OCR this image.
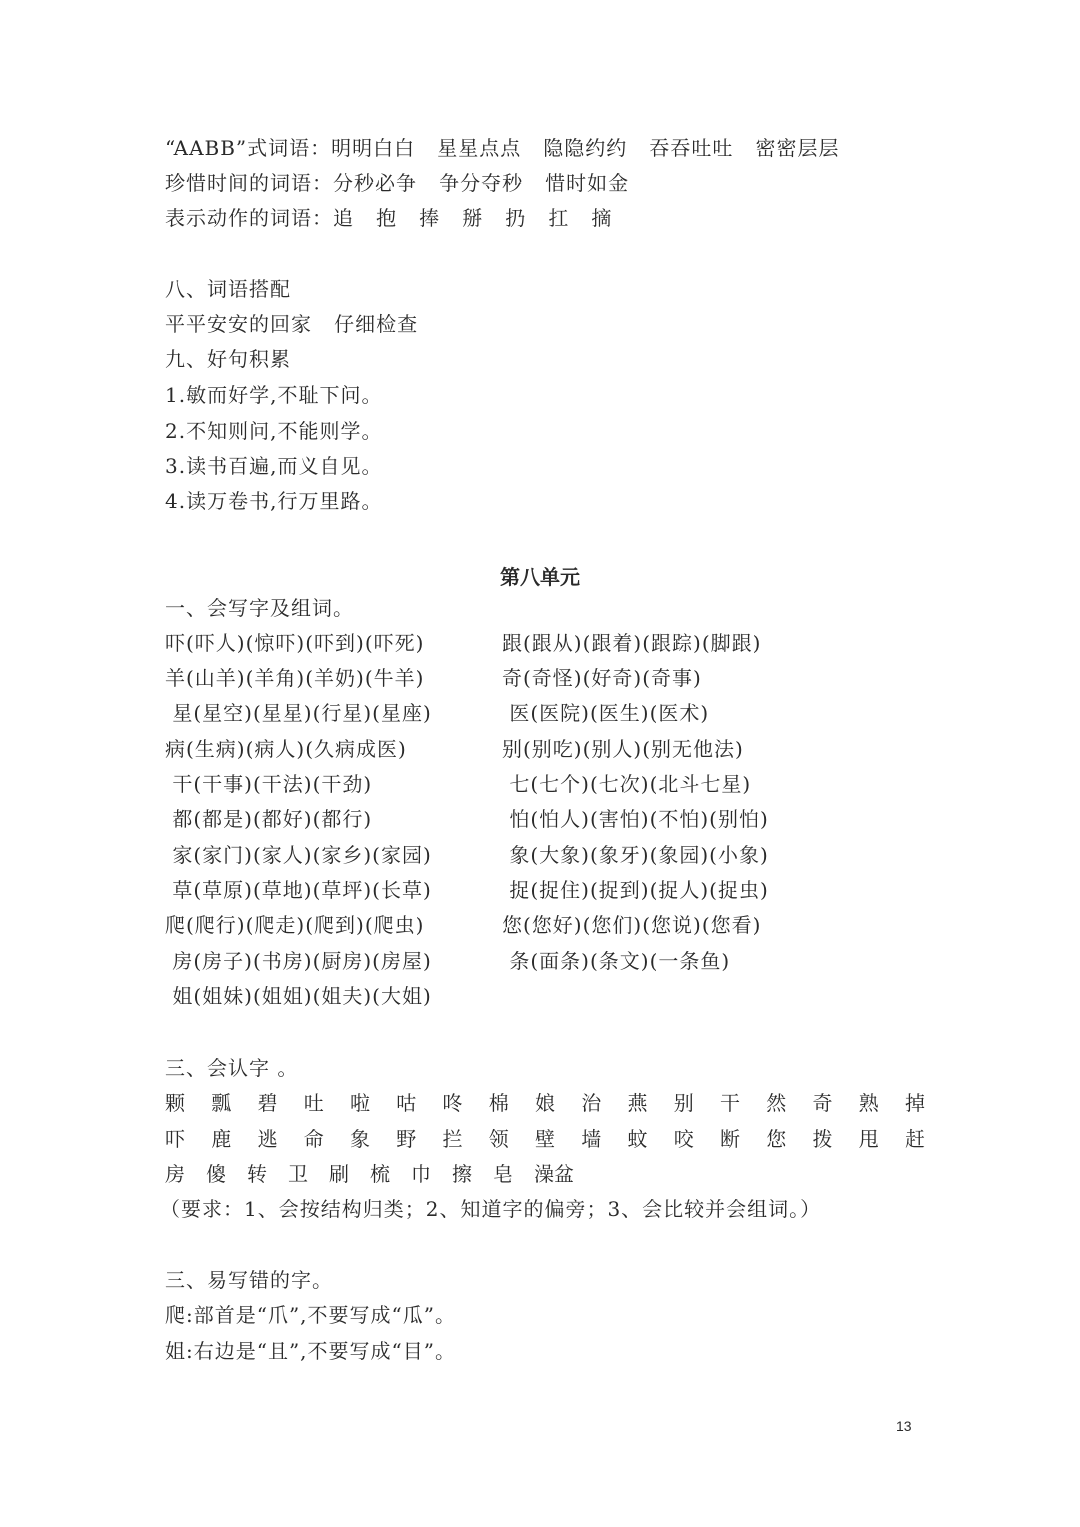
“AABB”式词语：明明白白   星星点点   隐隐约约   吞吞吐吐   密密层层
珍惜时间的词语：分秒必争   争分夺秒   惜时如金
表示动作的词语：追   抱   捧   掰   扔   扛   摘
八、词语搭配
平平安安的回家   仔细检查
九、好句积累
1.敏而好学,不耻下问。
2.不知则问,不能则学。
3.读书百遍,而义自见。
4.读万卷书,行万里路。
第八单元
一、会写字及组词。
吓(吓人)(惊吓)(吓到)(吓死)
羊(山羊)(羊角)(羊奶)(牛羊)
星(星空)(星星)(行星)(星座)
病(生病)(病人)(久病成医)
干(干事)(干法)(干劲)
都(都是)(都好)(都行)
家(家门)(家人)(家乡)(家园)
草(草原)(草地)(草坪)(长草)
爬(爬行)(爬走)(爬到)(爬虫)
房(房子)(书房)(厨房)(房屋)
姐(姐妹)(姐姐)(姐夫)(大姐)
跟(跟从)(跟着)(跟踪)(脚跟)
奇(奇怪)(好奇)(奇事)
医(医院)(医生)(医术)
别(别吃)(别人)(别无他法)
七(七个)(七次)(北斗七星)
怕(怕人)(害怕)(不怕)(别怕)
象(大象)(象牙)(象园)(小象)
捉(捉住)(捉到)(捉人)(捉虫)
您(您好)(您们)(您说)(您看)
条(面条)(条文)(一条鱼)
三、会认字 。
颗 瓢 碧 吐 啦 咕 咚 棉 娘 治 燕 别 干 然 奇 熟 掉
吓 鹿 逃 命 象 野 拦 领 壁 墙 蚊 咬 断 您 拨 甩 赶
房 傻 转 卫 刷 梳 巾 擦 皂 澡盆
（要求：1、会按结构归类；2、知道字的偏旁；3、会比较并会组词。）
三、易写错的字。
爬:部首是“爪”,不要写成“瓜”。
姐:右边是“且”,不要写成“目”。
13
